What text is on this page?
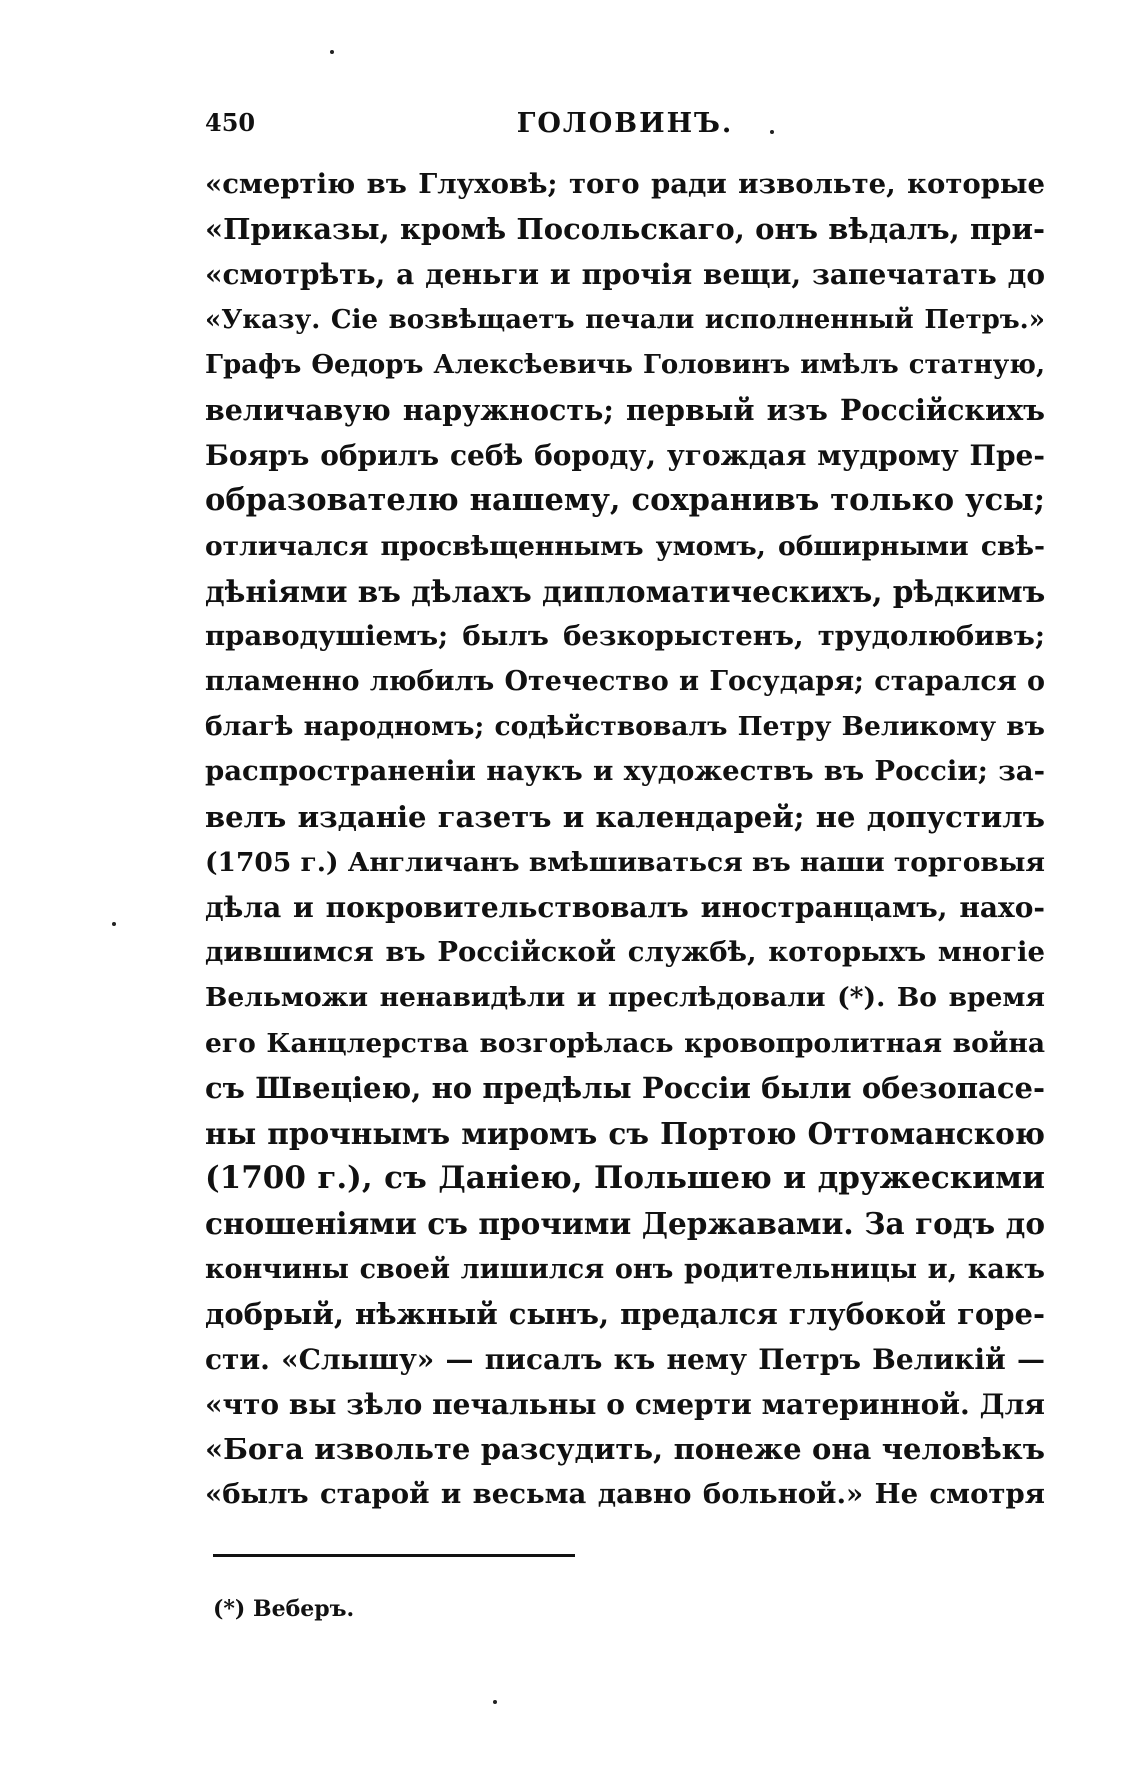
450	ГОЛОВИНЪ.
«смертію въ Глуховѣ; того ради извольте, которые
«Приказы, кромѣ Посольскаго, онъ вѣдалъ, при-
«смотрѣть, а деньги и прочія вещи, запечатать до
«Указу. Сіе возвѣщаетъ печали исполненный Петръ.»
Графъ Ѳедоръ Алексѣевичь Головинъ имѣлъ статную,
величавую наружность; первый изъ Россійскихъ
Бояръ обрилъ себѣ бороду, угождая мудрому Пре-
образователю нашему, сохранивъ только усы;
отличался просвѣщеннымъ умомъ, обширными свѣ-
дѣніями въ дѣлахъ дипломатическихъ, рѣдкимъ
праводушіемъ; былъ безкорыстенъ, трудолюбивъ;
пламенно любилъ Отечество и Государя; старался о
благѣ народномъ; содѣйствовалъ Петру Великому въ
распространеніи наукъ и художествъ въ Россіи; за-
велъ изданіе газетъ и календарей; не допустилъ
(1705 г.) Англичанъ вмѣшиваться въ наши торговыя
дѣла и покровительствовалъ иностранцамъ, нахо-
дившимся въ Россійской службѣ, которыхъ многіе
Вельможи ненавидѣли и преслѣдовали (*). Во время
его Канцлерства возгорѣлась кровопролитная война
съ Швеціею, но предѣлы Россіи были обезопасе-
ны прочнымъ миромъ съ Портою Оттоманскою
(1700 г.), съ Даніею, Польшею и дружескими
сношеніями съ прочими Державами. За годъ до
кончины своей лишился онъ родительницы и, какъ
добрый, нѣжный сынъ, предался глубокой горе-
сти. «Слышу» — писалъ къ нему Петръ Великій —
«что вы зѣло печальны о смерти материнной. Для
«Бога извольте разсудить, понеже она человѣкъ
«былъ старой и весьма давно больной.» Не смотря
(*) Веберъ.
